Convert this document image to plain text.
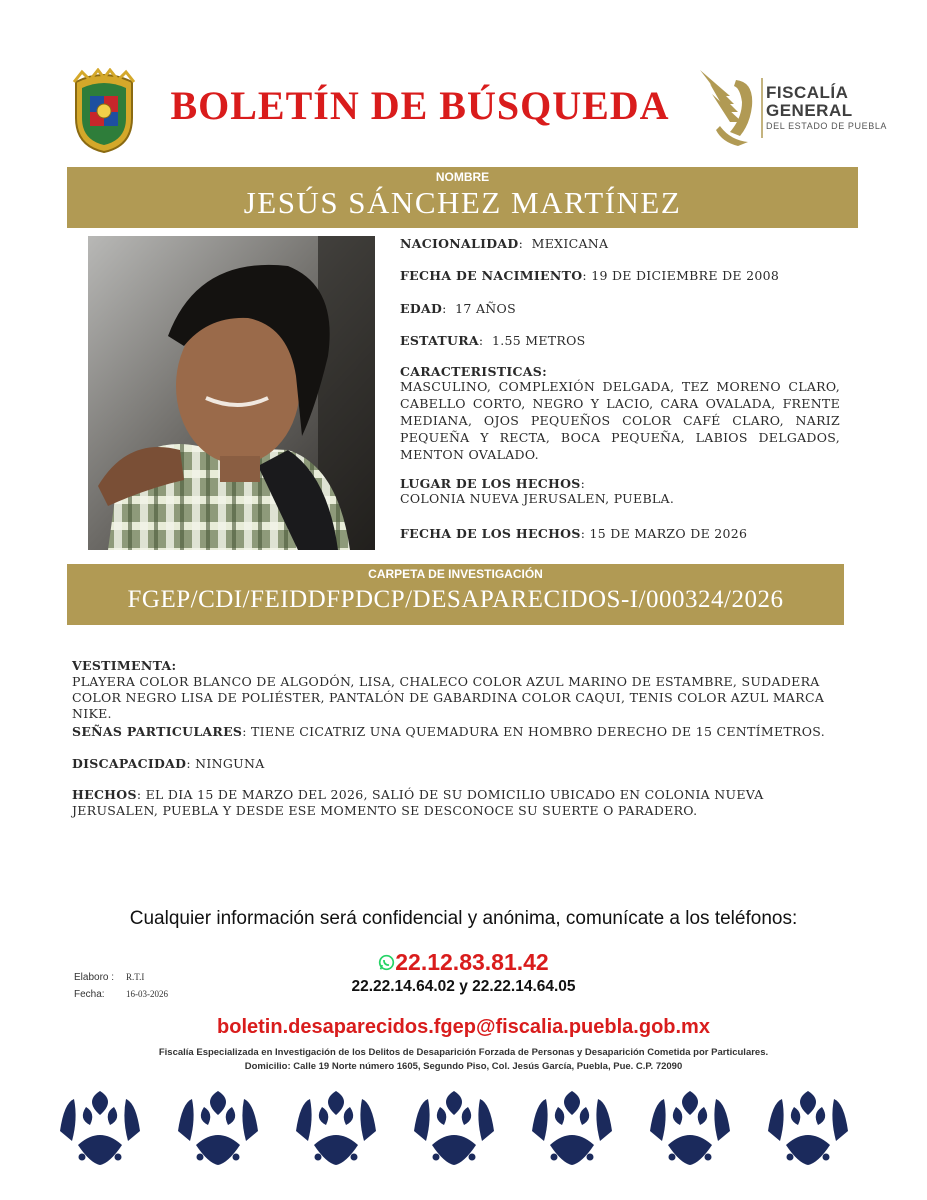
BOLETÍN DE BÚSQUEDA	FISCALÍA
GENERAL
DEL ESTADO DE PUEBLA
NOMBRE
JESÚS SÁNCHEZ MARTÍNEZ
NACIONALIDAD:  MEXICANA
FECHA DE NACIMIENTO: 19 DE DICIEMBRE DE 2008
EDAD:  17 AÑOS
ESTATURA:  1.55 METROS
CARACTERISTICAS:
MASCULINO, COMPLEXIÓN DELGADA, TEZ MORENO CLARO, CABELLO CORTO, NEGRO Y LACIO, CARA OVALADA, FRENTE MEDIANA, OJOS PEQUEÑOS COLOR CAFÉ CLARO, NARIZ PEQUEÑA Y RECTA, BOCA PEQUEÑA, LABIOS DELGADOS, MENTON OVALADO.
LUGAR DE LOS HECHOS:
COLONIA NUEVA JERUSALEN, PUEBLA.
FECHA DE LOS HECHOS: 15 DE MARZO DE 2026
CARPETA DE INVESTIGACIÓN
FGEP/CDI/FEIDDFPDCP/DESAPARECIDOS-I/000324/2026
VESTIMENTA:
PLAYERA COLOR BLANCO DE ALGODÓN, LISA, CHALECO COLOR AZUL MARINO DE ESTAMBRE, SUDADERA COLOR NEGRO LISA DE POLIÉSTER, PANTALÓN DE GABARDINA COLOR CAQUI, TENIS COLOR AZUL MARCA NIKE.
SEÑAS PARTICULARES: TIENE CICATRIZ UNA QUEMADURA EN HOMBRO DERECHO DE 15 CENTÍMETROS.
DISCAPACIDAD: NINGUNA
HECHOS: EL DIA 15 DE MARZO DEL 2026, SALIÓ DE SU DOMICILIO UBICADO EN COLONIA NUEVA JERUSALEN, PUEBLA Y DESDE ESE MOMENTO SE DESCONOCE SU SUERTE O PARADERO.
Cualquier información será confidencial y anónima, comunícate a los teléfonos:
22.12.83.81.42
22.22.14.64.02 y 22.22.14.64.05
Elaboro : R.T.I
Fecha: 16-03-2026
boletin.desaparecidos.fgep@fiscalia.puebla.gob.mx
Fiscalía Especializada en Investigación de los Delitos de Desaparición Forzada de Personas y Desaparición Cometida por Particulares.
Domicilio: Calle 19 Norte número 1605, Segundo Piso, Col. Jesús García, Puebla, Pue. C.P. 72090
